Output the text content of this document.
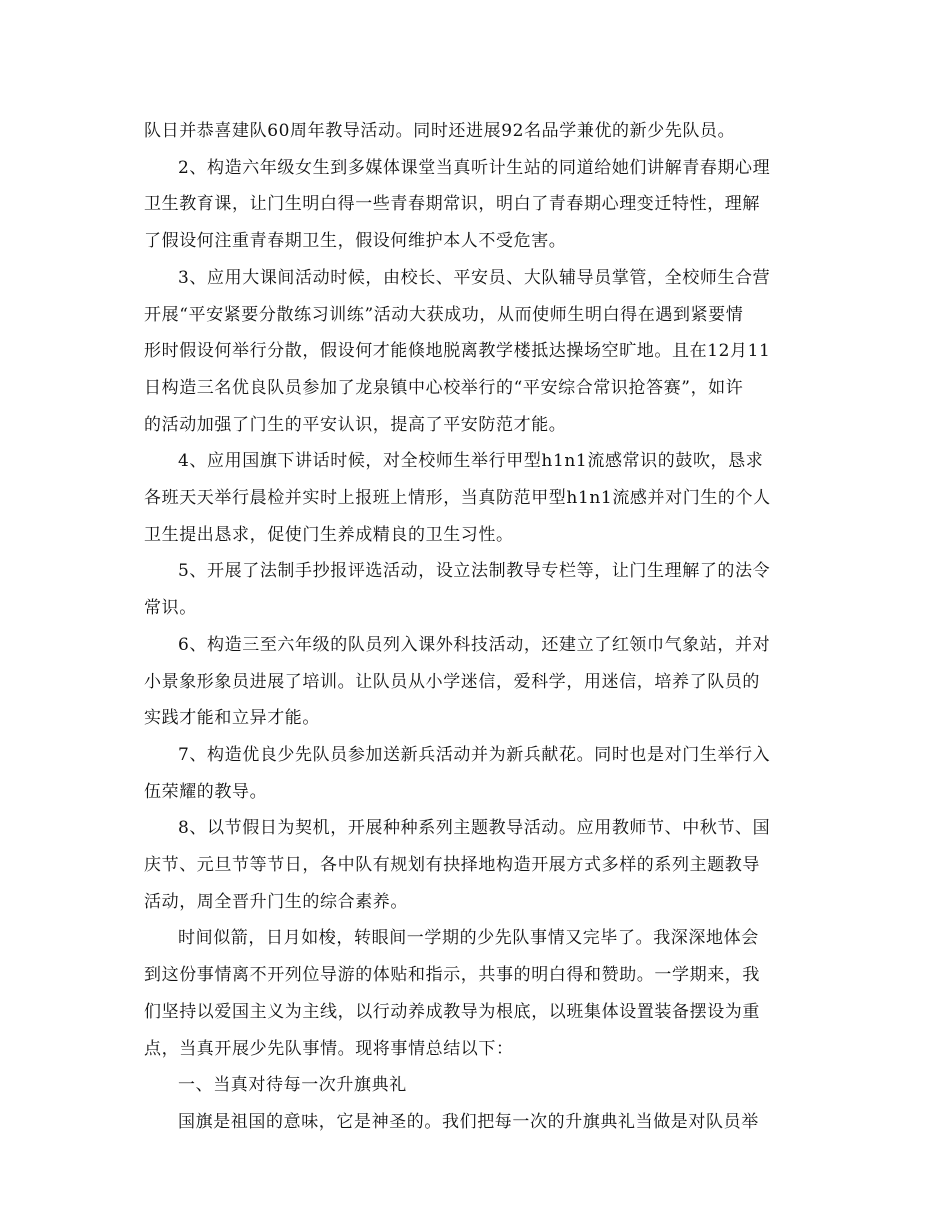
队日并恭喜建队60周年教导活动。同时还进展92名品学兼优的新少先队员。
2、构造六年级女生到多媒体课堂当真听计生站的同道给她们讲解青春期心理
卫生教育课，让门生明白得一些青春期常识，明白了青春期心理变迁特性，理解
了假设何注重青春期卫生，假设何维护本人不受危害。
3、应用大课间活动时候，由校长、平安员、大队辅导员掌管，全校师生合营
开展“平安紧要分散练习训练”活动大获成功，从而使师生明白得在遇到紧要情
形时假设何举行分散，假设何才能倏地脱离教学楼抵达操场空旷地。且在12月11
日构造三名优良队员参加了龙泉镇中心校举行的“平安综合常识抢答赛”，如许
的活动加强了门生的平安认识，提高了平安防范才能。
4、应用国旗下讲话时候，对全校师生举行甲型h1n1流感常识的鼓吹，恳求
各班天天举行晨检并实时上报班上情形，当真防范甲型h1n1流感并对门生的个人
卫生提出恳求，促使门生养成精良的卫生习性。
5、开展了法制手抄报评选活动，设立法制教导专栏等，让门生理解了的法令
常识。
6、构造三至六年级的队员列入课外科技活动，还建立了红领巾气象站，并对
小景象形象员进展了培训。让队员从小学迷信，爱科学，用迷信，培养了队员的
实践才能和立异才能。
7、构造优良少先队员参加送新兵活动并为新兵献花。同时也是对门生举行入
伍荣耀的教导。
8、以节假日为契机，开展种种系列主题教导活动。应用教师节、中秋节、国
庆节、元旦节等节日，各中队有规划有抉择地构造开展方式多样的系列主题教导
活动，周全晋升门生的综合素养。
时间似箭，日月如梭，转眼间一学期的少先队事情又完毕了。我深深地体会
到这份事情离不开列位导游的体贴和指示，共事的明白得和赞助。一学期来，我
们坚持以爱国主义为主线，以行动养成教导为根底，以班集体设置装备摆设为重
点，当真开展少先队事情。现将事情总结以下：
一、当真对待每一次升旗典礼
国旗是祖国的意味，它是神圣的。我们把每一次的升旗典礼当做是对队员举
